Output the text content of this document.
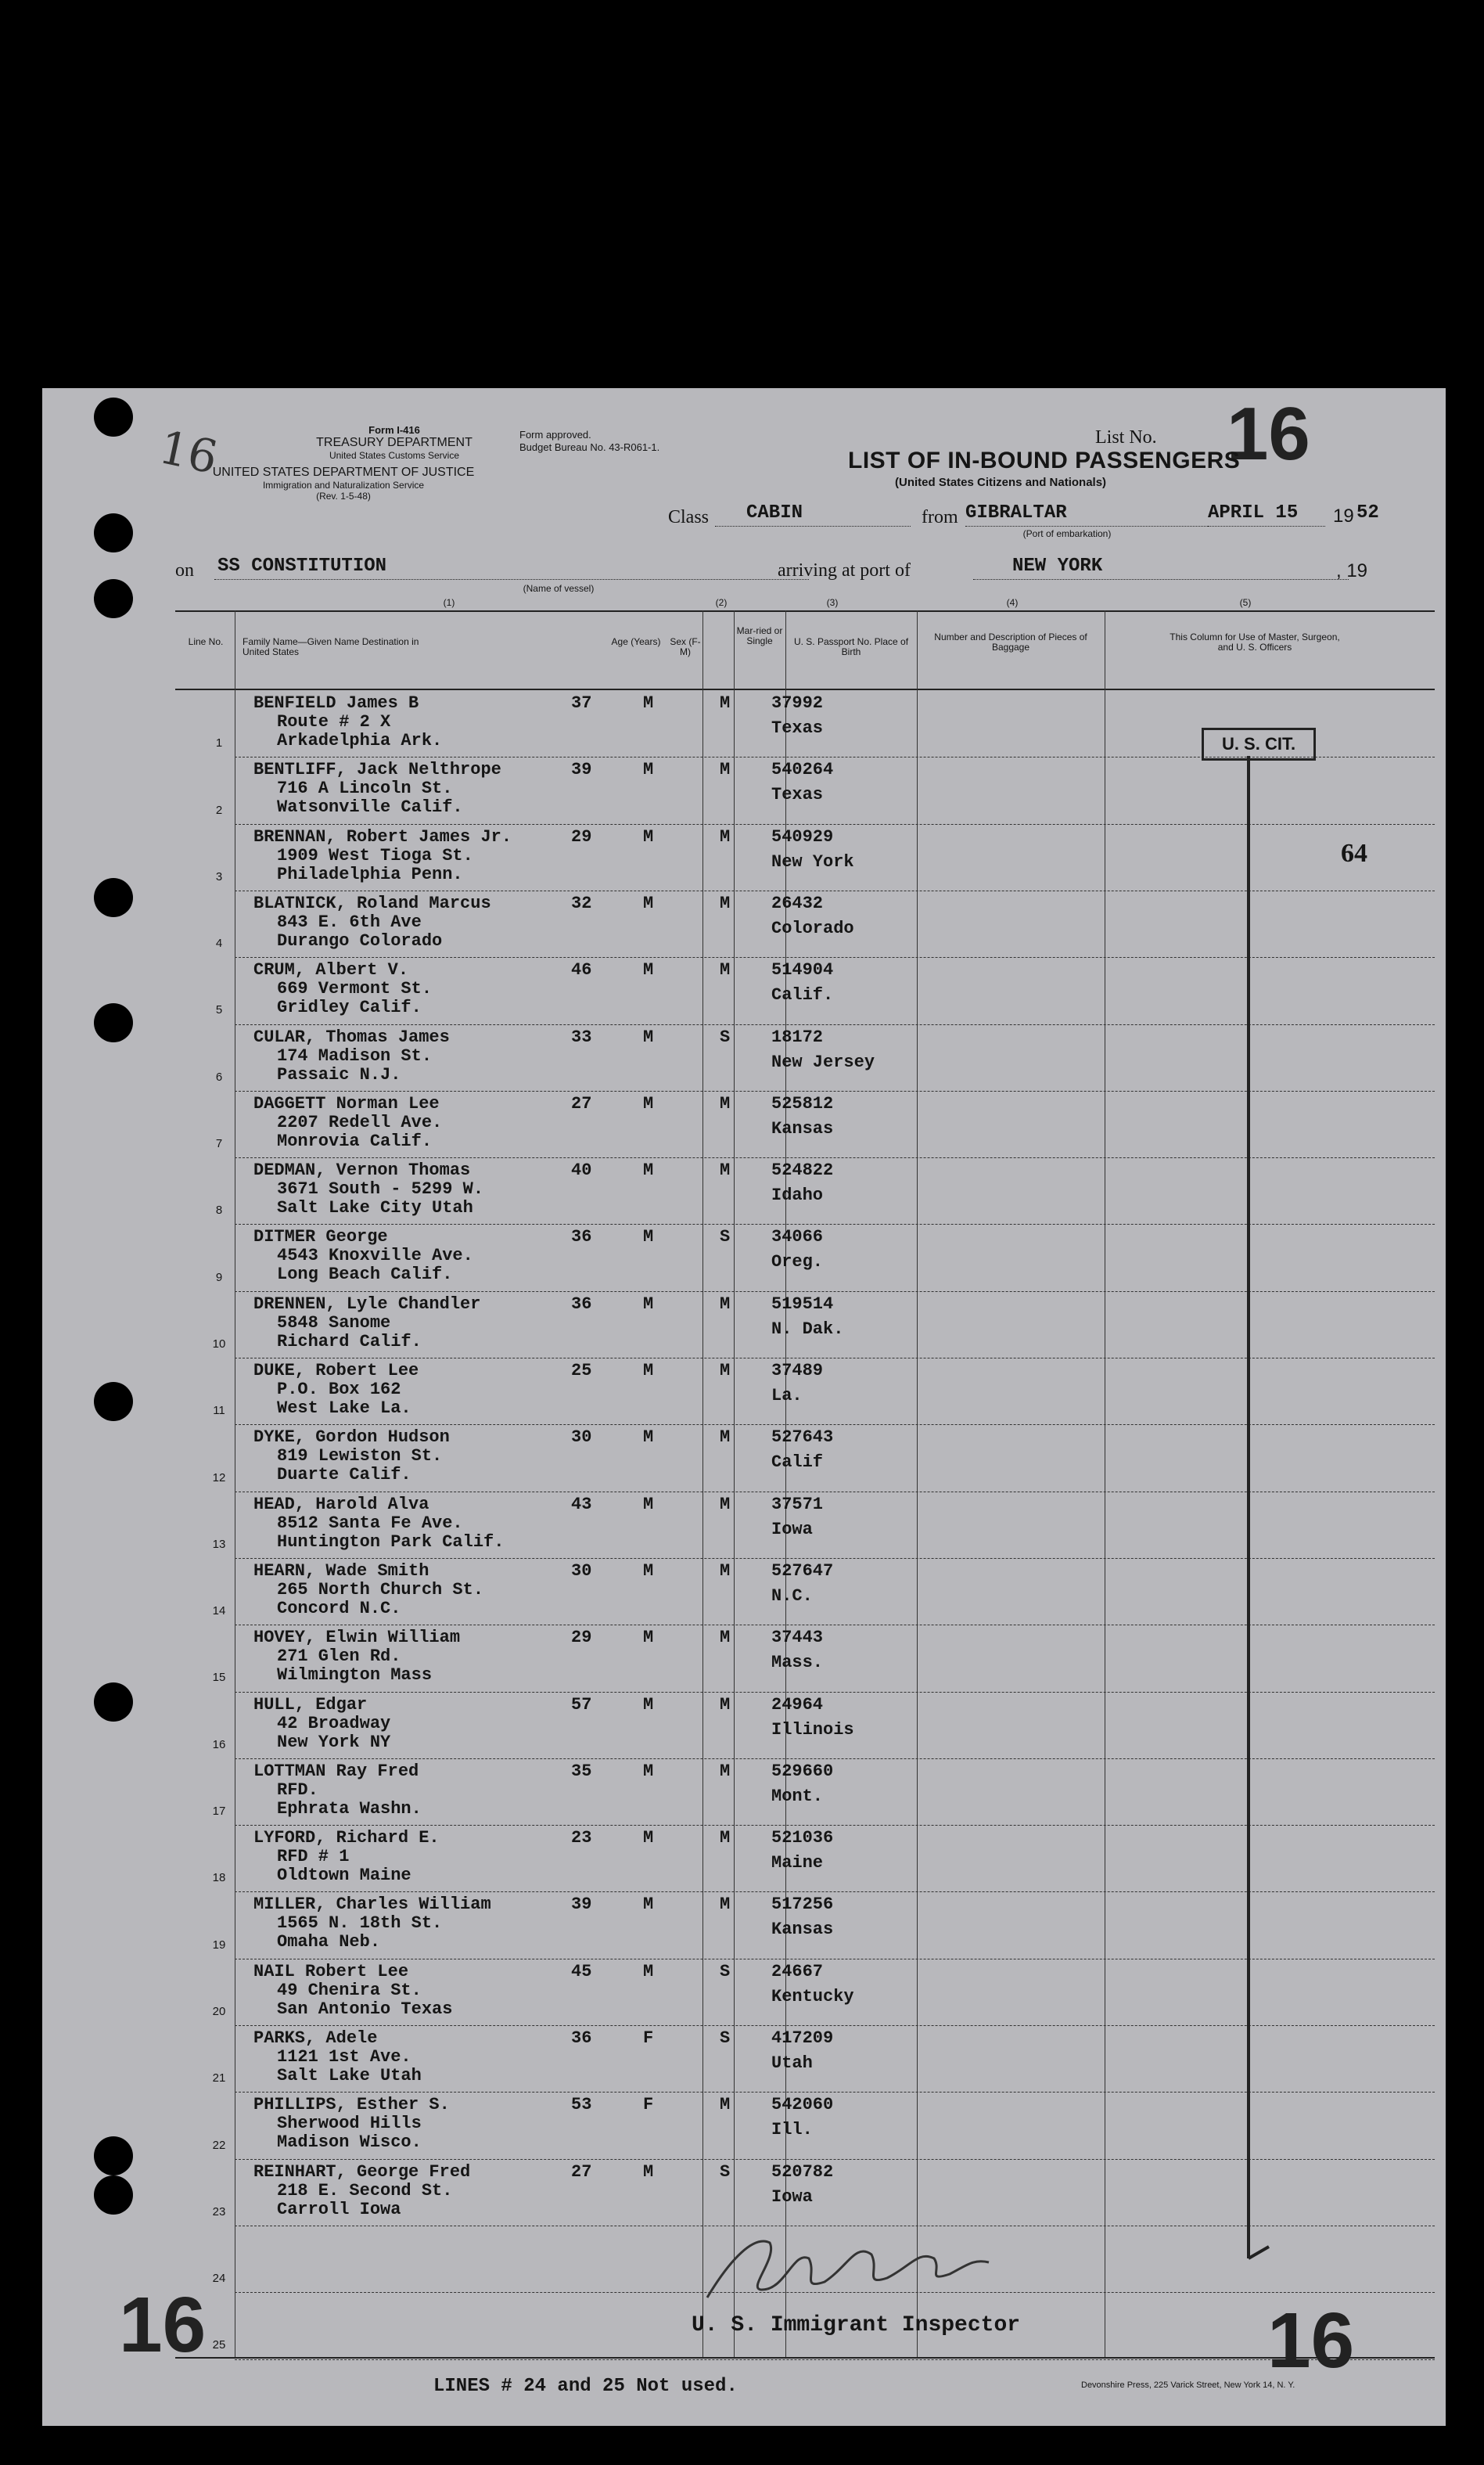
16	Form I-416
TREASURY DEPARTMENT
United States Customs Service
UNITED STATES DEPARTMENT OF JUSTICE
Immigration and Naturalization Service
(Rev. 1-5-48)
Form approved.
Budget Bureau No. 43-R061-1.	List No. 16
LIST OF IN-BOUND PASSENGERS
(United States Citizens and Nationals)
Class CABIN	from GIBRALTAR
(Port of embarkation)
APRIL 15 19 52
on SS CONSTITUTION
(Name of vessel)
arriving at port of	NEW YORK	, 19
(1)	(2)	(3)	(4)	(5)
Line No.	Family Name—Given Name Destination in United States
Age (Years) Sex (F-M)
Mar-ried or Single	U. S. Passport No. Place of Birth
Number and Description of Pieces of Baggage
This Column for Use of Master, Surgeon, and U. S. Officers
1
BENFIELD James B
Route # 2 X
Arkadelphia Ark.
37	M	M 37992
Texas
2
BENTLIFF, Jack Nelthrope
716 A Lincoln St.
Watsonville Calif.
39	M	M 540264
Texas
3
BRENNAN, Robert James Jr.
1909 West Tioga St.
Philadelphia Penn.
29	M	M 540929
New York
4
BLATNICK, Roland Marcus
843 E. 6th Ave
Durango Colorado
32	M	M 26432
Colorado
5
CRUM, Albert V.
669 Vermont St.
Gridley Calif.
46	M	M 514904
Calif.
6
CULAR, Thomas James
174 Madison St.
Passaic N.J.
33	M	S 18172
New Jersey
7
DAGGETT Norman Lee
2207 Redell Ave.
Monrovia Calif.
27	M	M 525812
Kansas
8
DEDMAN, Vernon Thomas
3671 South - 5299 W.
Salt Lake City Utah
40	M	M 524822
Idaho
9
DITMER George
4543 Knoxville Ave.
Long Beach Calif.
36	M	S 34066
Oreg.
10
DRENNEN, Lyle Chandler
5848 Sanome
Richard Calif.
36	M	M 519514
N. Dak.
11
DUKE, Robert Lee
P.O. Box 162
West Lake La.
25	M	M 37489
La.
12
DYKE, Gordon Hudson
819 Lewiston St.
Duarte Calif.
30	M	M 527643
Calif
13
HEAD, Harold Alva
8512 Santa Fe Ave.
Huntington Park Calif.
43	M	M 37571
Iowa
14
HEARN, Wade Smith
265 North Church St.
Concord N.C.
30	M	M 527647
N.C.
15
HOVEY, Elwin William
271 Glen Rd.
Wilmington Mass
29	M	M 37443
Mass.
16
HULL, Edgar
42 Broadway
New York NY
57	M	M 24964
Illinois
17
LOTTMAN Ray Fred
RFD.
Ephrata Washn.
35	M	M 529660
Mont.
18
LYFORD, Richard E.
RFD # 1
Oldtown Maine
23	M	M 521036
Maine
19
MILLER, Charles William
1565 N. 18th St.
Omaha Neb.
39	M	M 517256
Kansas
20
NAIL Robert Lee
49 Chenira St.
San Antonio Texas
45	M	S 24667
Kentucky
21
PARKS, Adele
1121 1st Ave.
Salt Lake Utah
36	F	S 417209
Utah
22
PHILLIPS, Esther S.
Sherwood Hills
Madison Wisco.
53	F	M 542060
Ill.
23
REINHART, George Fred
218 E. Second St.
Carroll Iowa
27	M	S 520782
Iowa
24
25
U. S. CIT.
64
U. S. Immigrant Inspector
16	16
LINES # 24 and 25 Not used.	Devonshire Press, 225 Varick Street, New York 14, N. Y.
